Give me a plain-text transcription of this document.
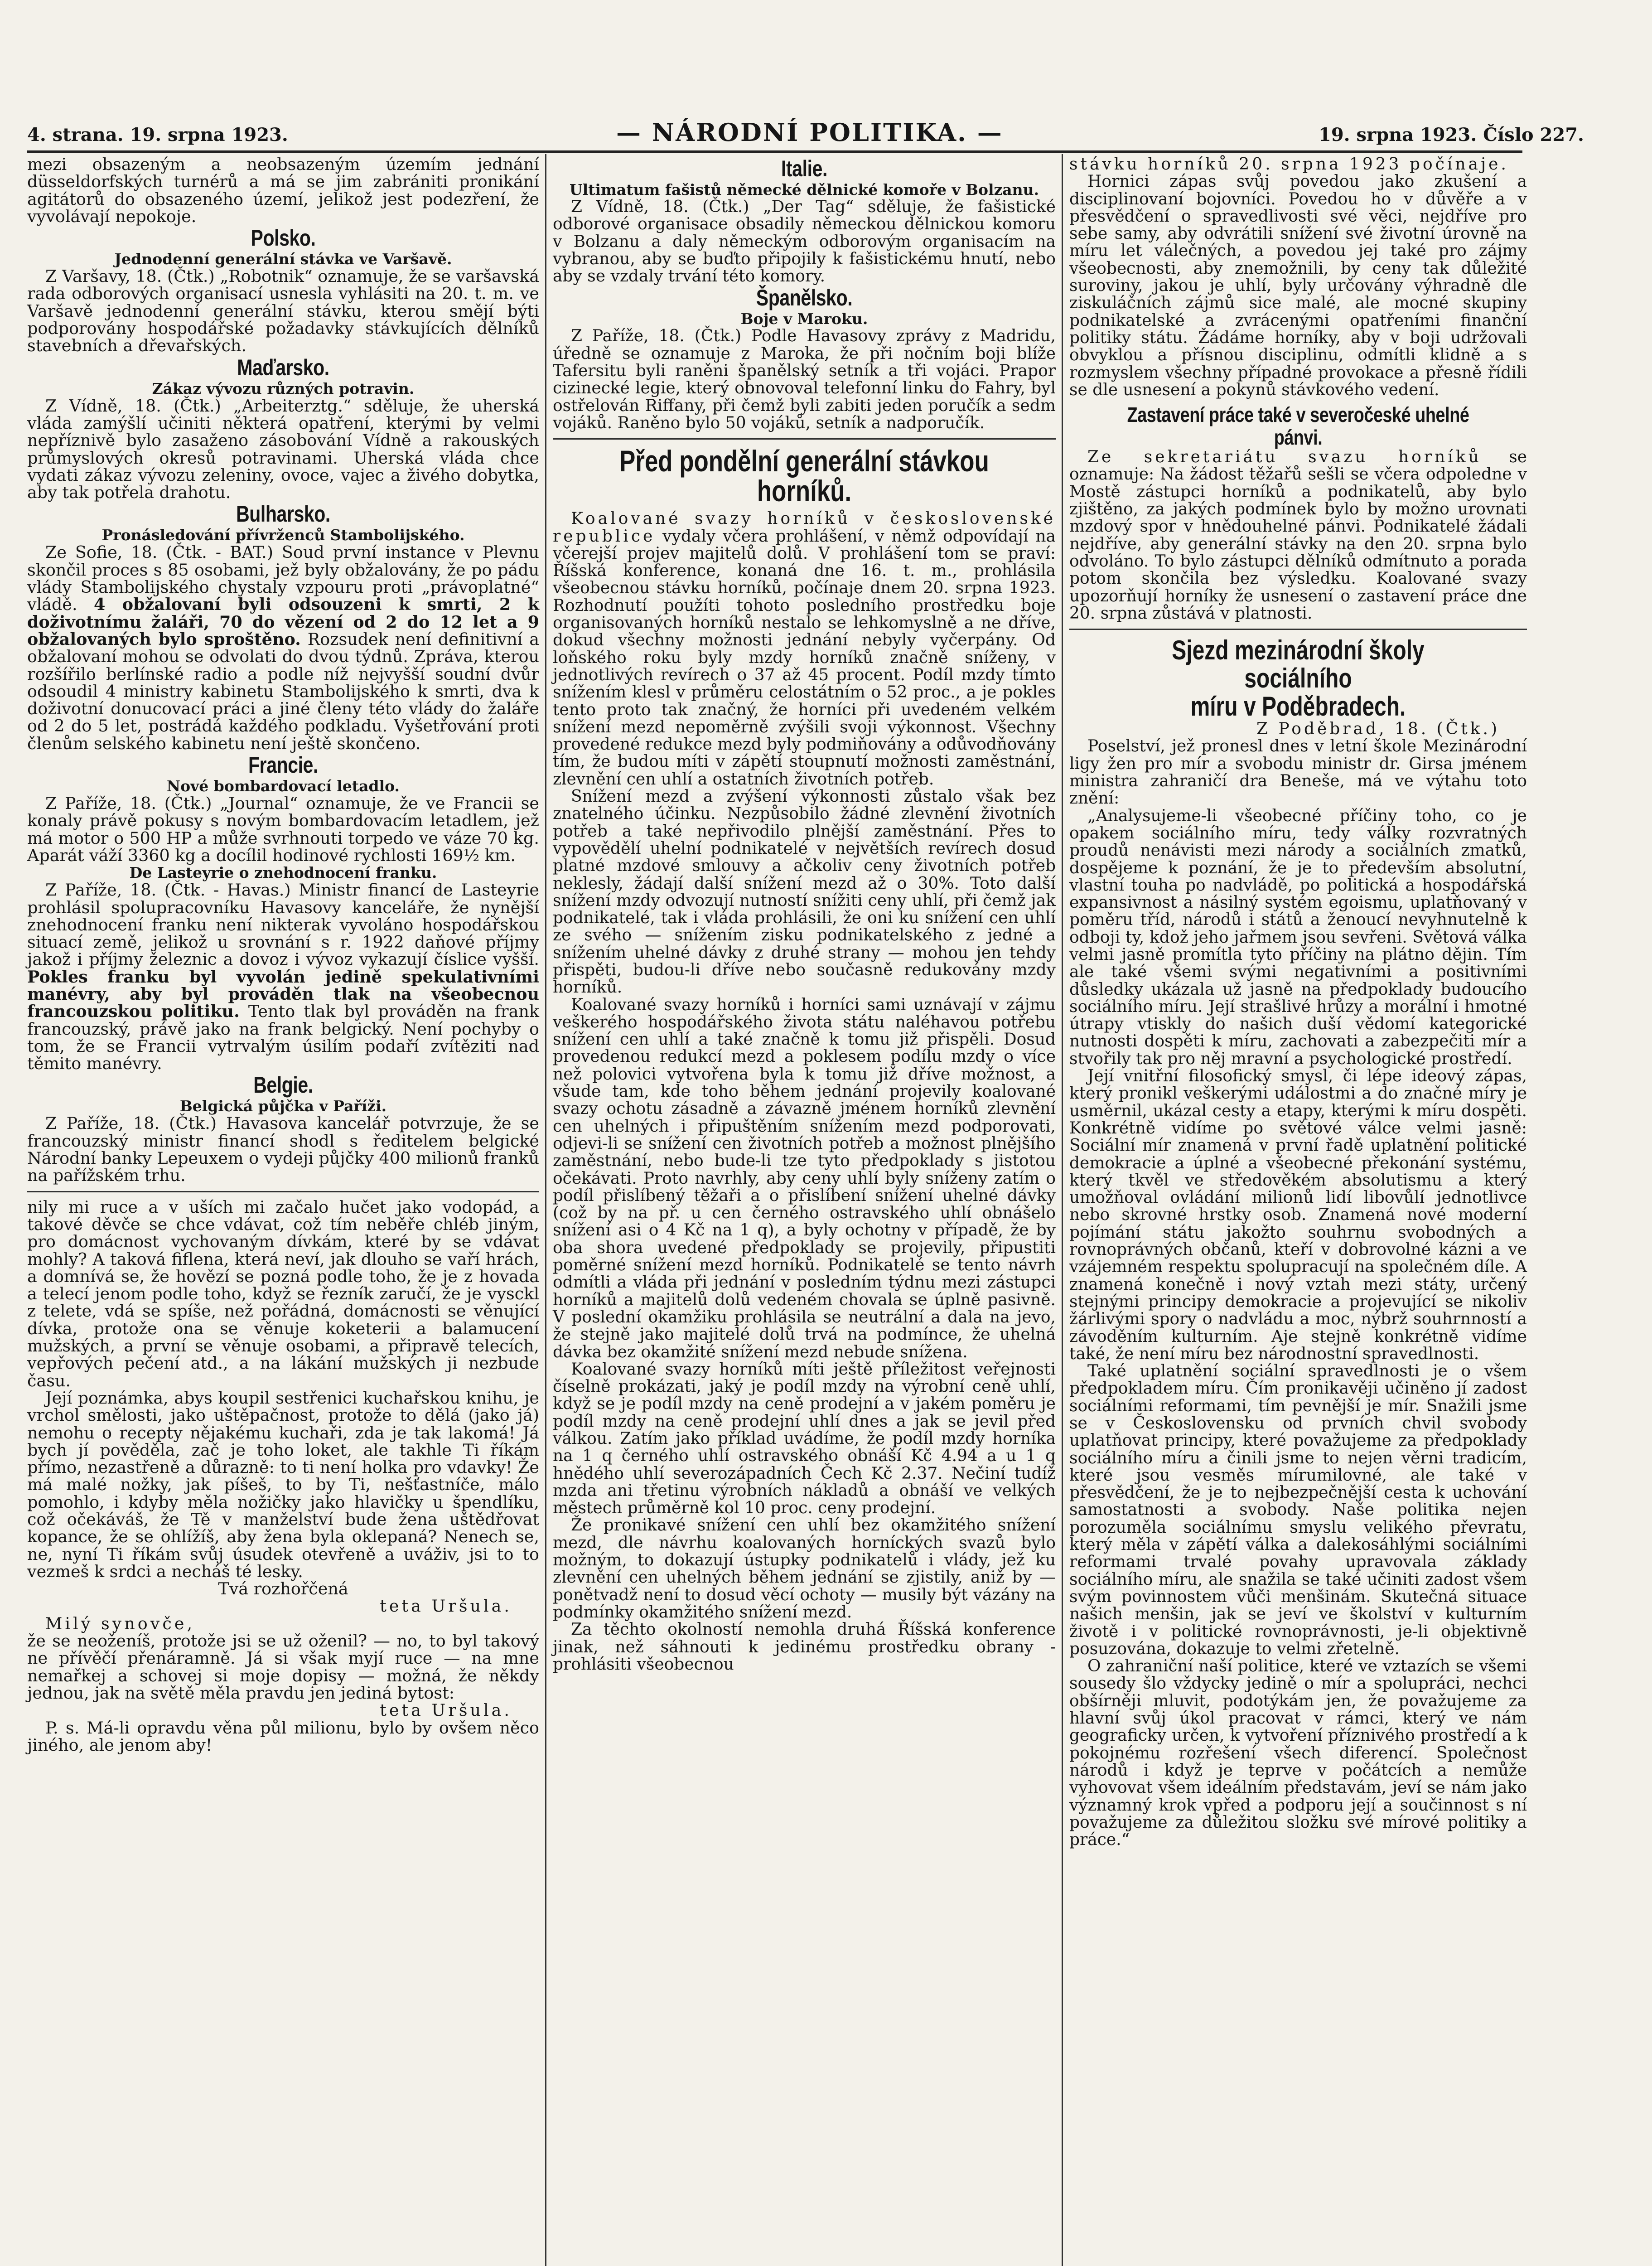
4. strana. 19. srpna 1923.	— NÁRODNÍ POLITIKA. —	19. srpna 1923. Číslo 227.

mezi obsazeným a neobsazeným územím jednání düsseldorfských turnérů a má se jim zabrániti pronikání agitátorů do obsazeného území, jelikož jest podezření, že vyvolávají nepokoje.

Polsko.
Jednodenní generální stávka ve Varšavě.

Z Varšavy, 18. (Čtk.) „Robotnik“ oznamuje, že se varšavská rada odborových organisací usnesla vyhlásiti na 20. t. m. ve Varšavě jednodenní generální stávku, kterou smějí býti podporovány hospodářské požadavky stávkujících dělníků stavebních a dřevařských.

Maďarsko.
Zákaz vývozu různých potravin.

Z Vídně, 18. (Čtk.) „Arbeiterztg.“ sděluje, že uherská vláda zamýšlí učiniti některá opatření, kterými by velmi nepříznivě bylo zasaženo zásobování Vídně a rakouských průmyslových okresů potravinami. Uherská vláda chce vydati zákaz vývozu zeleniny, ovoce, vajec a živého dobytka, aby tak potřela drahotu.

Bulharsko.
Pronásledování přívrženců Stambolijského.

Ze Sofie, 18. (Čtk. - BAT.) Soud první instance v Plevnu skončil proces s 85 osobami, jež byly obžalovány, že po pádu vlády Stambolijského chystaly vzpouru proti „právoplatné“ vládě. 4 obžalovaní byli odsouzeni k smrti, 2 k doživotnímu žaláři, 70 do vězení od 2 do 12 let a 9 obžalovaných bylo sproštěno. Rozsudek není definitivní a obžalovaní mohou se odvolati do dvou týdnů. Zpráva, kterou rozšířilo berlínské radio a podle níž nejvyšší soudní dvůr odsoudil 4 ministry kabinetu Stambolijského k smrti, dva k doživotní donucovací práci a jiné členy této vlády do žaláře od 2 do 5 let, postrádá každého podkladu. Vyšetřování proti členům selského kabinetu není ještě skončeno.

Francie.
Nové bombardovací letadlo.

Z Paříže, 18. (Čtk.) „Journal“ oznamuje, že ve Francii se konaly právě pokusy s novým bombardovacím letadlem, jež má motor o 500 HP a může svrhnouti torpedo ve váze 70 kg. Aparát váží 3360 kg a docílil hodinové rychlosti 169½ km.

De Lasteyrie o znehodnocení franku.

Z Paříže, 18. (Čtk. - Havas.) Ministr financí de Lasteyrie prohlásil spolupracovníku Havasovy kanceláře, že nynější znehodnocení franku není nikterak vyvoláno hospodářskou situací země, jelikož u srovnání s r. 1922 daňové příjmy jakož i příjmy železnic a dovoz i vývoz vykazují číslice vyšší. Pokles franku byl vyvolán jedině spekulativními manévry, aby byl prováděn tlak na všeobecnou francouzskou politiku. Tento tlak byl prováděn na frank francouzský, právě jako na frank belgický. Není pochyby o tom, že se Francii vytrvalým úsilím podaří zvítěziti nad těmito manévry.

Belgie.
Belgická půjčka v Paříži.

Z Paříže, 18. (Čtk.) Havasova kancelář potvrzuje, že se francouzský ministr financí shodl s ředitelem belgické Národní banky Lepeuxem o vydeji půjčky 400 milionů franků na pařížském trhu.

nily mi ruce a v uších mi začalo hučet jako vodopád, a takové děvče se chce vdávat, což tím neběře chléb jiným, pro domácnost vychovaným dívkám, které by se vdávat mohly? A taková fiflena, která neví, jak dlouho se vaří hrách, a domnívá se, že hovězí se pozná podle toho, že je z hovada a telecí jenom podle toho, když se řezník zaručí, že je vysckl z telete, vdá se spíše, než pořádná, domácnosti se věnující dívka, protože ona se věnuje koketerii a balamucení mužských, a první se věnuje osobami, a připravě telecích, vepřových pečení atd., a na lákání mužských ji nezbude času.

Její poznámka, abys koupil sestřenici kuchařskou knihu, je vrchol smělosti, jako uštěpačnost, protože to dělá (jako já) nemohu o recepty nějakému kuchaři, zda je tak lakomá! Já bych jí pověděla, zač je toho loket, ale takhle Ti říkám přímo, nezastřeně a důrazně: to ti není holka pro vdavky! Že má malé nožky, jak píšeš, to by Ti, nešťastníče, málo pomohlo, i kdyby měla nožičky jako hlavičky u špendlíku, což očekáváš, že Tě v manželství bude žena uštědřovat kopance, že se ohlížíš, aby žena byla oklepaná? Nenech se, ne, nyní Ti říkám svůj úsudek otevřeně a uváživ, jsi to to vezmeš k srdci a necháš té lesky.

Tvá rozhořčená

teta Uršula.

Milý synovče,

že se neoženíš, protože jsi se už oženil? — no, to byl takový ne přívěčí přenáramně. Já si však myjí ruce — na mne nemařkej a schovej si moje dopisy — možná, že někdy jednou, jak na světě měla pravdu jen jediná bytost:

teta Uršula.

P. s. Má-li opravdu věna půl milionu, bylo by ovšem něco jiného, ale jenom aby!

Italie.
Ultimatum fašistů německé dělnické komoře v Bolzanu.

Z Vídně, 18. (Čtk.) „Der Tag“ sděluje, že fašistické odborové organisace obsadily německou dělnickou komoru v Bolzanu a daly německým odborovým organisacím na vybranou, aby se buďto připojily k fašistickému hnutí, nebo aby se vzdaly trvání této komory.

Španělsko.
Boje v Maroku.

Z Paříže, 18. (Čtk.) Podle Havasovy zprávy z Madridu, úředně se oznamuje z Maroka, že při nočním boji blíže Tafersitu byli raněni španělský setník a tři vojáci. Prapor cizinecké legie, který obnovoval telefonní linku do Fahry, byl ostřelován Riffany, při čemž byli zabiti jeden poručík a sedm vojáků. Raněno bylo 50 vojáků, setník a nadporučík.

Před pondělní generální stávkou
horníků.

Koalované svazy horníků v československé republice vydaly včera prohlášení, v němž odpovídají na včerejší projev majitelů dolů. V prohlášení tom se praví: Říšská konference, konaná dne 16. t. m., prohlásila všeobecnou stávku horníků, počínaje dnem 20. srpna 1923. Rozhodnutí použíti tohoto posledního prostředku boje organisovaných horníků nestalo se lehkomyslně a ne dříve, dokud všechny možnosti jednání nebyly vyčerpány. Od loňského roku byly mzdy horníků značně sníženy, v jednotlivých revírech o 37 až 45 procent. Podíl mzdy tímto snížením klesl v průměru celostátním o 52 proc., a je pokles tento proto tak značný, že horníci při uvedeném velkém snížení mezd nepoměrně zvýšili svoji výkonnost. Všechny provedené redukce mezd byly podmiňovány a odůvodňovány tím, že budou míti v zápětí stoupnutí možnosti zaměstnání, zlevnění cen uhlí a ostatních životních potřeb.

Snížení mezd a zvýšení výkonnosti zůstalo však bez znatelného účinku. Nezpůsobilo žádné zlevnění životních potřeb a také nepřivodilo plnější zaměstnání. Přes to vypovědělí uhelní podnikatelé v největších revírech dosud platné mzdové smlouvy a ačkoliv ceny životních potřeb neklesly, žádají další snížení mezd až o 30%. Toto další snížení mzdy odvozují nutností snížiti ceny uhlí, při čemž jak podnikatelé, tak i vláda prohlásili, že oni ku snížení cen uhlí ze svého — snížením zisku podnikatelského z jedné a snížením uhelné dávky z druhé strany — mohou jen tehdy přispěti, budou-li dříve nebo současně redukovány mzdy horníků.

Koalované svazy horníků i horníci sami uznávají v zájmu veškerého hospodářského života státu naléhavou potřebu snížení cen uhlí a také značně k tomu již přispěli. Dosud provedenou redukcí mezd a poklesem podílu mzdy o více než polovici vytvořena byla k tomu již dříve možnost, a všude tam, kde toho během jednání projevily koalované svazy ochotu zásadně a závazně jménem horníků zlevnění cen uhelných i připuštěním snížením mezd podporovati, odjevi-li se snížení cen životních potřeb a možnost plnějšího zaměstnání, nebo bude-li tze tyto předpoklady s jistotou očekávati. Proto navrhly, aby ceny uhlí byly sníženy zatím o podíl přislíbený těžaři a o přislíbení snížení uhelné dávky (což by na př. u cen černého ostravského uhlí obnášelo snížení asi o 4 Kč na 1 q), a byly ochotny v případě, že by oba shora uvedené předpoklady se projevily, připustiti poměrné snížení mezd horníků. Podnikatelé se tento návrh odmítli a vláda při jednání v posledním týdnu mezi zástupci horníků a majitelů dolů vedeném chovala se úplně pasivně. V poslední okamžiku prohlásila se neutrální a dala na jevo, že stejně jako majitelé dolů trvá na podmínce, že uhelná dávka bez okamžité snížení mezd nebude snížena.

Koalované svazy horníků míti ještě příležitost veřejnosti číselně prokázati, jaký je podíl mzdy na výrobní ceně uhlí, když se je podíl mzdy na ceně prodejní a v jakém poměru je podíl mzdy na ceně prodejní uhlí dnes a jak se jevil před válkou. Zatím jako příklad uvádíme, že podíl mzdy horníka na 1 q černého uhlí ostravského obnáší Kč 4.94 a u 1 q hnědého uhlí severozápadních Čech Kč 2.37. Nečiní tudíž mzda ani třetinu výrobních nákladů a obnáší ve velkých městech průměrně kol 10 proc. ceny prodejní.

Že pronikavé snížení cen uhlí bez okamžitého snížení mezd, dle návrhu koalovaných horníckých svazů bylo možným, to dokazují ústupky podnikatelů i vlády, jež ku zlevnění cen uhelných během jednání se zjistily, aniž by — ponětvadž není to dosud věcí ochoty — musily být vázány na podmínky okamžitého snížení mezd.

Za těchto okolností nemohla druhá Říšská konference jinak, než sáhnouti k jedinému prostředku obrany - prohlásiti všeobecnou

stávku horníků 20. srpna 1923 počínaje.

Hornici zápas svůj povedou jako zkušení a disciplinovaní bojovníci. Povedou ho v důvěře a v přesvědčení o spravedlivosti své věci, nejdříve pro sebe samy, aby odvrátili snížení své životní úrovně na míru let válečných, a povedou jej také pro zájmy všeobecnosti, aby znemožnili, by ceny tak důležité suroviny, jakou je uhlí, byly určovány výhradně dle ziskuláčních zájmů sice malé, ale mocné skupiny podnikatelské a zvrácenými opatřeními finanční politiky státu. Žádáme horníky, aby v boji udržovali obvyklou a přísnou disciplinu, odmítli klidně a s rozmyslem všechny případné provokace a přesně řídili se dle usnesení a pokynů stávkového vedení.

Zastavení práce také v severočeské uhelné pánvi.

Ze sekretariátu svazu horníků se oznamuje: Na žádost těžařů sešli se včera odpoledne v Mostě zástupci horníků a podnikatelů, aby bylo zjištěno, za jakých podmínek bylo by možno urovnati mzdový spor v hnědouhelné pánvi. Podnikatelé žádali nejdříve, aby generální stávky na den 20. srpna bylo odvoláno. To bylo zástupci dělníků odmítnuto a porada potom skončila bez výsledku. Koalované svazy upozorňují horníky že usnesení o zastavení práce dne 20. srpna zůstává v platnosti.

Sjezd mezinárodní školy sociálního
míru v Poděbradech.

Z Poděbrad, 18. (Čtk.)

Poselství, jež pronesl dnes v letní škole Mezinárodní ligy žen pro mír a svobodu ministr dr. Girsa jménem ministra zahraničí dra Beneše, má ve výtahu toto znění:

„Analysujeme-li všeobecné příčiny toho, co je opakem sociálního míru, tedy války rozvratných proudů nenávisti mezi národy a sociálních zmatků, dospějeme k poznání, že je to především absolutní, vlastní touha po nadvládě, po politická a hospodářská expansivnost a násilný systém egoismu, uplatňovaný v poměru tříd, národů i států a ženoucí nevyhnutelně k odboji ty, kdož jeho jařmem jsou sevřeni. Světová válka velmi jasně promítla tyto příčiny na plátno dějin. Tím ale také všemi svými negativními a positivními důsledky ukázala už jasně na předpoklady budoucího sociálního míru. Její strašlivé hrůzy a morální i hmotné útrapy vtiskly do našich duší vědomí kategorické nutnosti dospěti k míru, zachovati a zabezpečiti mír a stvořily tak pro něj mravní a psychologické prostředí.

Její vnitřní filosofický smysl, či lépe ideový zápas, který pronikl veškerými událostmi a do značné míry je usměrnil, ukázal cesty a etapy, kterými k míru dospěti. Konkrétně vidíme po světové válce velmi jasně: Sociální mír znamená v první řadě uplatnění politické demokracie a úplné a všeobecné překonání systému, který tkvěl ve středověkém absolutismu a který umožňoval ovládání milionů lidí libovůlí jednotlivce nebo skrovné hrstky osob. Znamená nové moderní pojímání státu jakožto souhrnu svobodných a rovnoprávných občanů, kteří v dobrovolné kázni a ve vzájemném respektu spolupracují na společném díle. A znamená konečně i nový vztah mezi státy, určený stejnými principy demokracie a projevující se nikoliv žárlivými spory o nadvládu a moc, nýbrž souhrnností a závoděním kulturním. Aje stejně konkrétně vidíme také, že není míru bez národnostní spravedlnosti.

Také uplatnění sociální spravedlnosti je o všem předpokladem míru. Čím pronikavěji učiněno jí zadost sociálními reformami, tím pevnější je mír. Snažili jsme se v Československu od prvních chvil svobody uplatňovat principy, které považujeme za předpoklady sociálního míru a činili jsme to nejen věrni tradicím, které jsou vesměs mírumilovné, ale také v přesvědčení, že je to nejbezpečnější cesta k uchování samostatnosti a svobody. Naše politika nejen porozuměla sociálnímu smyslu velikého převratu, který měla v zápětí válka a dalekosáhlými sociálními reformami trvalé povahy upravovala základy sociálního míru, ale snažila se také učiniti zadost všem svým povinnostem vůči menšinám. Skutečná situace našich menšin, jak se jeví ve školství v kulturním životě i v politické rovnoprávnosti, je-li objektivně posuzována, dokazuje to velmi zřetelně.

O zahraniční naší politice, které ve vztazích se všemi sousedy šlo vždycky jedině o mír a spolupráci, nechci obšírněji mluvit, podotýkám jen, že považujeme za hlavní svůj úkol pracovat v rámci, který ve nám geograficky určen, k vytvoření příznivého prostředí a k pokojnému rozřešení všech diferencí. Společnost národů i když je teprve v počátcích a nemůže vyhovovat všem ideálním představám, jeví se nám jako významný krok vpřed a podporu její a součinnost s ní považujeme za důležitou složku své mírové politiky a práce.“
